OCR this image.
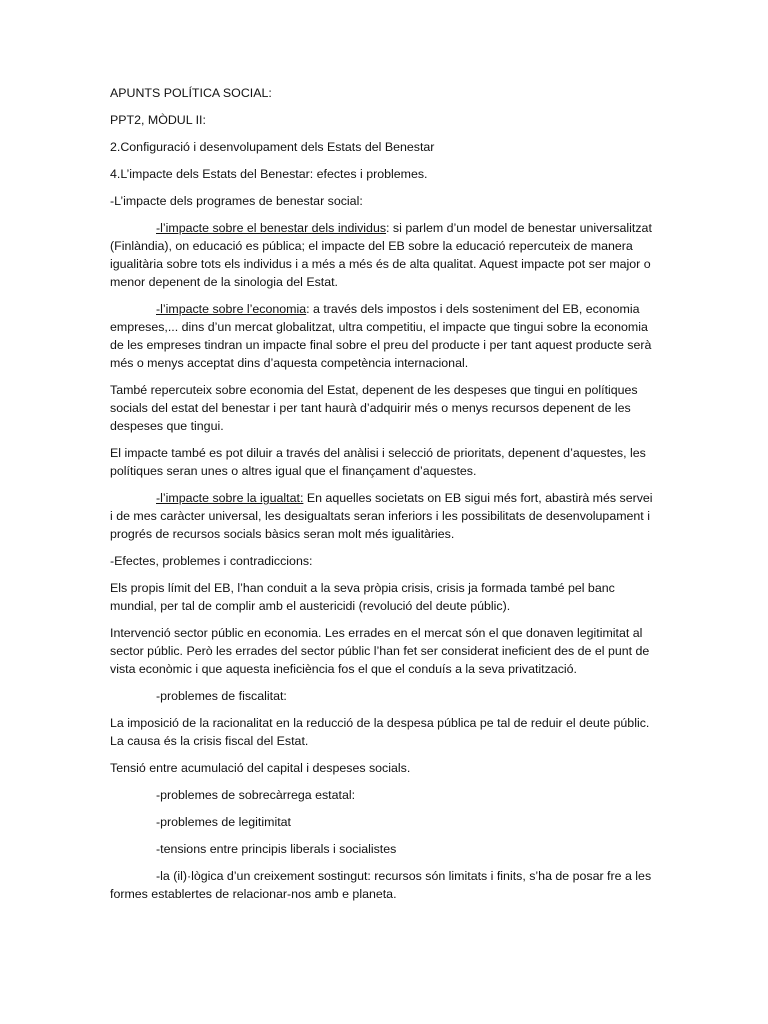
APUNTS POLÍTICA SOCIAL:

PPT2, MÒDUL II:

2.Configuració i desenvolupament dels Estats del Benestar

4.L’impacte dels Estats del Benestar: efectes i problemes.

-L’impacte dels programes de benestar social:

-l’impacte sobre el benestar dels individus: si parlem d’un model de benestar universalitzat (Finlàndia), on educació es pública; el impacte del EB sobre la educació repercuteix de manera igualitària sobre tots els individus i a més a més és de alta qualitat. Aquest impacte pot ser major o menor depenent de la sinologia del Estat.

-l’impacte sobre l’economia: a través dels impostos i dels sosteniment del EB, economia empreses,... dins d’un mercat globalitzat, ultra competitiu, el impacte que tingui sobre la economia de les empreses tindran un impacte final sobre el preu del producte i per tant aquest producte serà més o menys acceptat dins d’aquesta competència internacional.

També repercuteix sobre economia del Estat, depenent de les despeses que tingui en polítiques socials del estat del benestar i per tant haurà d’adquirir més o menys recursos depenent de les despeses que tingui.

El impacte també es pot diluir a través del anàlisi i selecció de prioritats, depenent d’aquestes, les polítiques seran unes o altres igual que el finançament d’aquestes.

-l’impacte sobre la igualtat: En aquelles societats on EB sigui més fort, abastirà més servei i de mes caràcter universal, les desigualtats seran inferiors i les possibilitats de desenvolupament i progrés de recursos socials bàsics seran molt més igualitàries.

-Efectes, problemes i contradiccions:

Els propis límit del EB, l’han conduit a la seva pròpia crisis, crisis ja formada també pel banc mundial, per tal de complir amb el austericidi (revolució del deute públic).

Intervenció sector públic en economia. Les errades en el mercat són el que donaven legitimitat al sector públic. Però les errades del sector públic l’han fet ser considerat ineficient des de el punt de vista econòmic i que aquesta ineficiència fos el que el conduís a la seva privatització.

-problemes de fiscalitat:

La imposició de la racionalitat en la reducció de la despesa pública pe tal de reduir el deute públic. La causa és la crisis fiscal del Estat.

Tensió entre acumulació del capital i despeses socials.

-problemes de sobrecàrrega estatal:

-problemes de legitimitat

-tensions entre principis liberals i socialistes

-la (il)·lògica d’un creixement sostingut: recursos són limitats i finits, s’ha de posar fre a les formes establertes de relacionar-nos amb e planeta.
